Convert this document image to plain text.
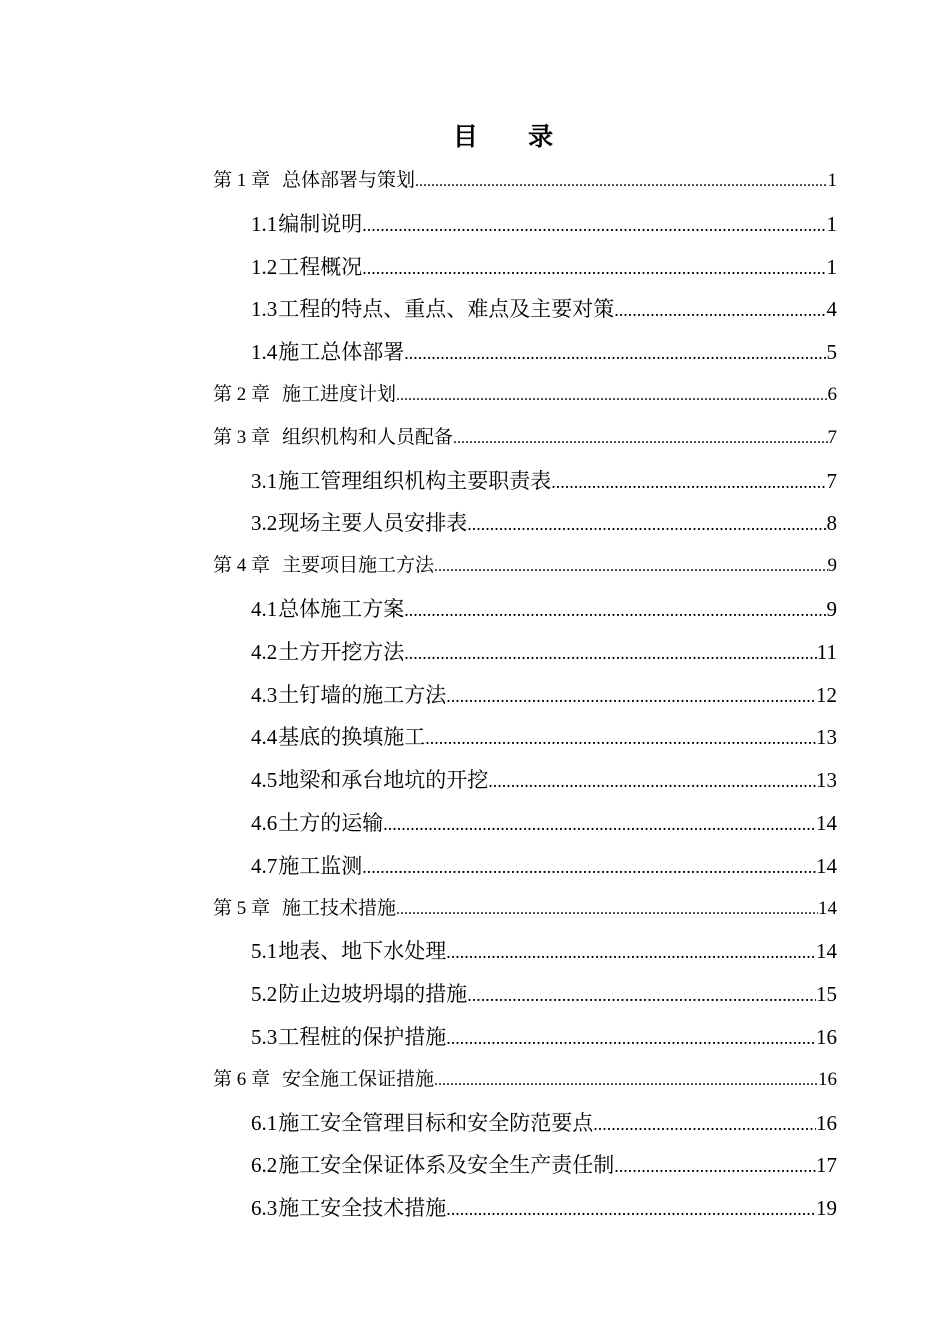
目 录
第 1 章 总体部署与策划 .....	1
1.1编制说明 .....	1
1.2工程概况 .....	1
1.3工程的特点、重点、难点及主要对策 .....	4
1.4施工总体部署 .....	5
第 2 章 施工进度计划 .....	6
第 3 章 组织机构和人员配备 .....	7
3.1施工管理组织机构主要职责表 .....	7
3.2现场主要人员安排表 .....	8
第 4 章 主要项目施工方法 .....	9
4.1总体施工方案 .....	9
4.2土方开挖方法 .....	11
4.3土钉墙的施工方法 .....	12
4.4基底的换填施工 .....	13
4.5地梁和承台地坑的开挖 .....	13
4.6土方的运输 .....	14
4.7施工监测 .....	14
第 5 章 施工技术措施 .....	14
5.1地表、地下水处理 .....	14
5.2防止边坡坍塌的措施 .....	15
5.3工程桩的保护措施 .....	16
第 6 章 安全施工保证措施 .....	16
6.1施工安全管理目标和安全防范要点 .....	16
6.2施工安全保证体系及安全生产责任制 .....	17
6.3施工安全技术措施 .....	19
